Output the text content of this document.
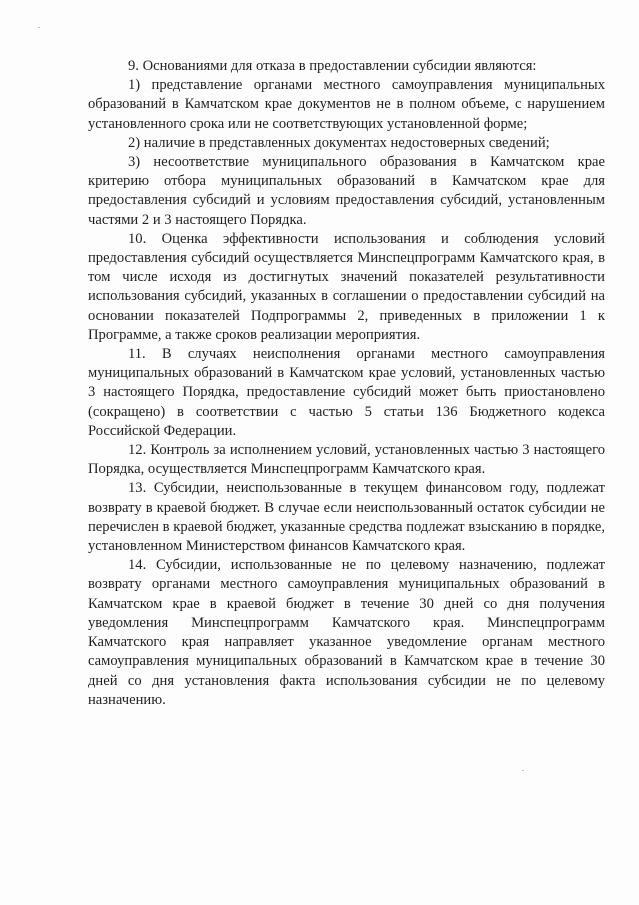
9. Основаниями для отказа в предоставлении субсидии являются:

1) представление органами местного самоуправления муниципальных образований в Камчатском крае документов не в полном объеме, с нарушением установленного срока или не соответствующих установленной форме;

2) наличие в представленных документах недостоверных сведений;

3) несоответствие муниципального образования в Камчатском крае критерию отбора муниципальных образований в Камчатском крае для предоставления субсидий и условиям предоставления субсидий, установленным частями 2 и 3 настоящего Порядка.

10. Оценка эффективности использования и соблюдения условий предоставления субсидий осуществляется Минспецпрограмм Камчатского края, в том числе исходя из достигнутых значений показателей результативности использования субсидий, указанных в соглашении о предоставлении субсидий на основании показателей Подпрограммы 2, приведенных в приложении 1 к Программе, а также сроков реализации мероприятия.

11. В случаях неисполнения органами местного самоуправления муниципальных образований в Камчатском крае условий, установленных частью 3 настоящего Порядка, предоставление субсидий может быть приостановлено (сокращено) в соответствии с частью 5 статьи 136 Бюджетного кодекса Российской Федерации.

12. Контроль за исполнением условий, установленных частью 3 настоящего Порядка, осуществляется Минспецпрограмм Камчатского края.

13. Субсидии, неиспользованные в текущем финансовом году, подлежат возврату в краевой бюджет. В случае если неиспользованный остаток субсидии не перечислен в краевой бюджет, указанные средства подлежат взысканию в порядке, установленном Министерством финансов Камчатского края.

14. Субсидии, использованные не по целевому назначению, подлежат возврату органами местного самоуправления муниципальных образований в Камчатском крае в краевой бюджет в течение 30 дней со дня получения уведомления Минспецпрограмм Камчатского края. Минспецпрограмм Камчатского края направляет указанное уведомление органам местного самоуправления муниципальных образований в Камчатском крае в течение 30 дней со дня установления факта использования субсидии не по целевому назначению.
